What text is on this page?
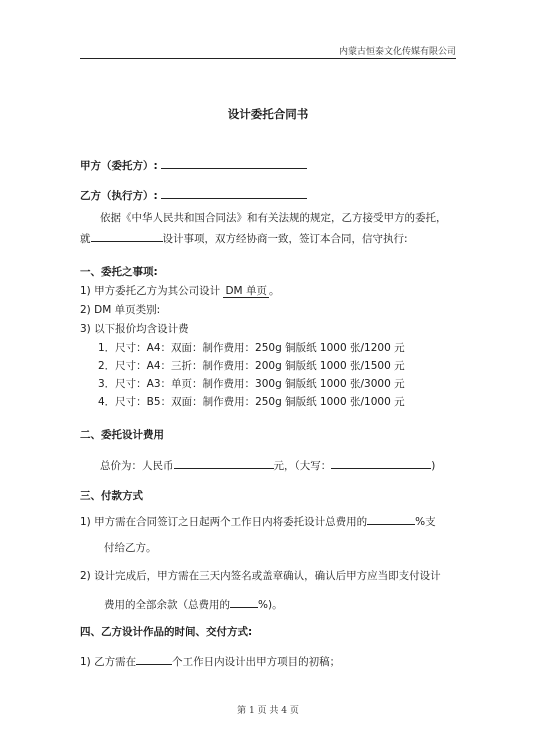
内蒙古恒泰文化传媒有限公司
设计委托合同书
甲方（委托方）:
乙方（执行方）:
依据《中华人民共和国合同法》和有关法规的规定，乙方接受甲方的委托，
就	设计事项，双方经协商一致，签订本合同，信守执行:
一、委托之事项:
1) 甲方委托乙方为其公司设计 DM 单页 。
2) DM 单页类别:
3) 以下报价均含设计费
1．尺寸：A4：双面：制作费用：250g 铜版纸 1000 张/1200 元
2．尺寸：A4：三折：制作费用：200g 铜版纸 1000 张/1500 元
3．尺寸：A3：单页：制作费用：300g 铜版纸 1000 张/3000 元
4．尺寸：B5：双面：制作费用：250g 铜版纸 1000 张/1000 元
二、委托设计费用
总价为：人民币	元，（大写：	)
三、付款方式
1) 甲方需在合同签订之日起两个工作日内将委托设计总费用的	%支
付给乙方。
2) 设计完成后，甲方需在三天内签名或盖章确认，确认后甲方应当即支付设计
费用的全部余款（总费用的	%)。
四、乙方设计作品的时间、交付方式:
1) 乙方需在	个工作日内设计出甲方项目的初稿；
第 1 页 共 4 页
